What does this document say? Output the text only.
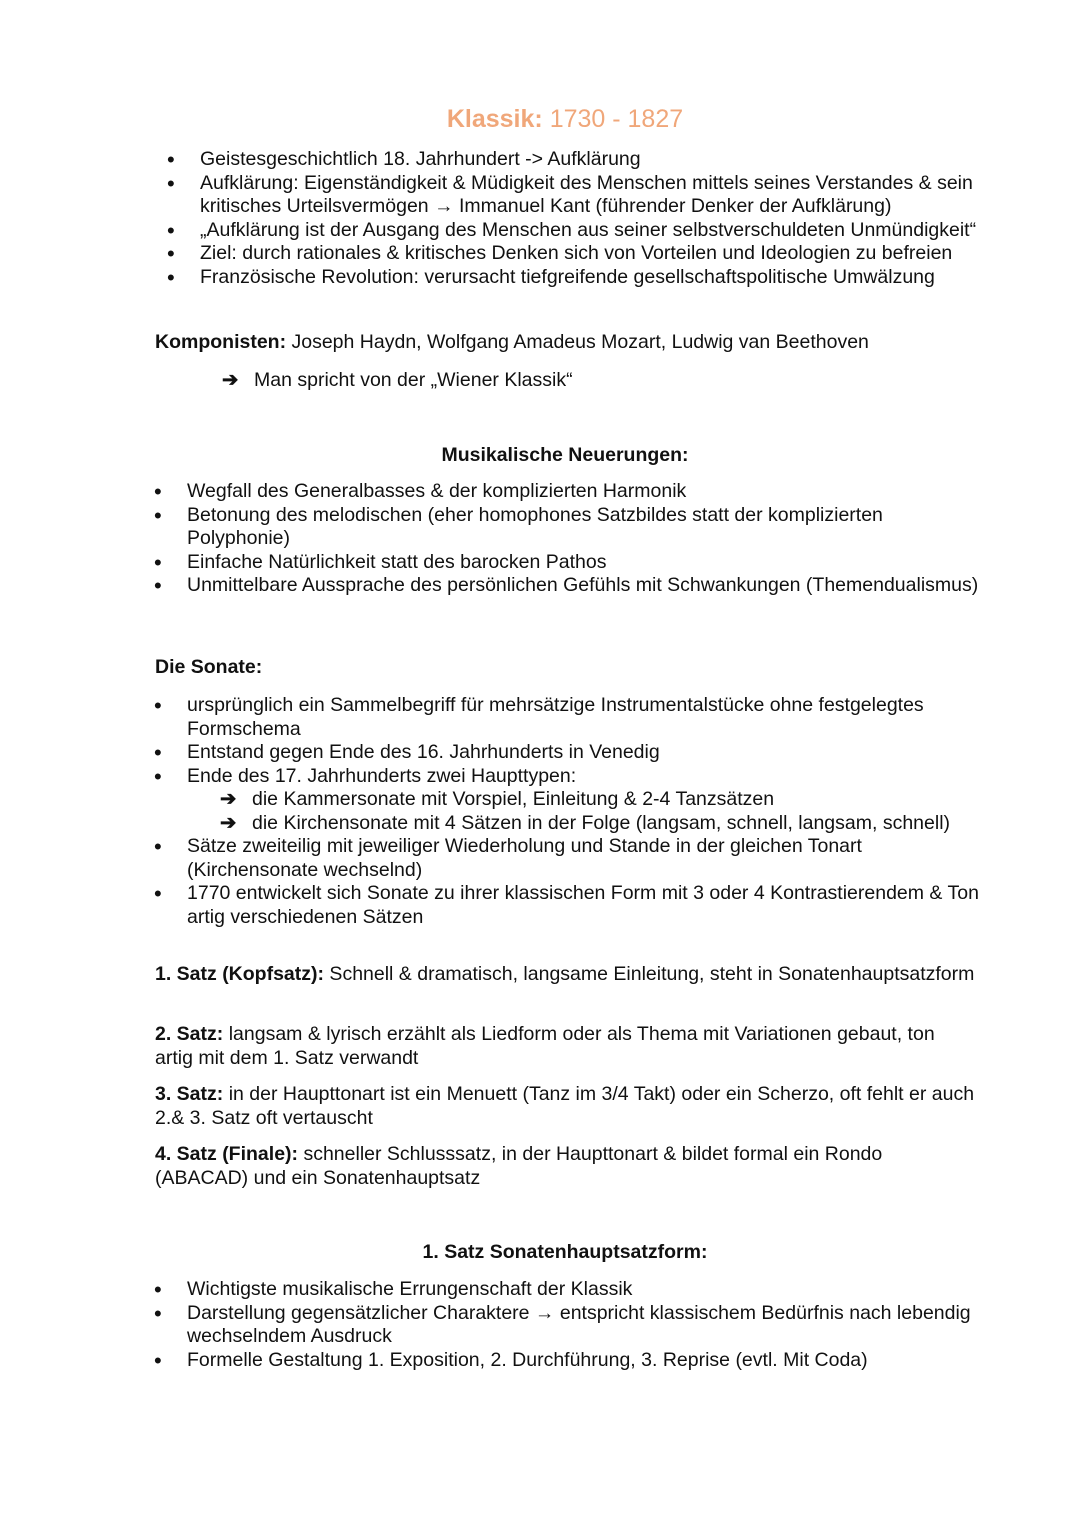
Klassik: 1730 - 1827
• Geistesgeschichtlich 18. Jahrhundert -> Aufklärung
• Aufklärung: Eigenständigkeit & Müdigkeit des Menschen mittels seines Verstandes & sein kritisches Urteilsvermögen → Immanuel Kant (führender Denker der Aufklärung)
• „Aufklärung ist der Ausgang des Menschen aus seiner selbstverschuldeten Unmündigkeit“
• Ziel: durch rationales & kritisches Denken sich von Vorteilen und Ideologien zu befreien
• Französische Revolution: verursacht tiefgreifende gesellschaftspolitische Umwälzung
Komponisten: Joseph Haydn, Wolfgang Amadeus Mozart, Ludwig van Beethoven
➔ Man spricht von der „Wiener Klassik“
Musikalische Neuerungen:
• Wegfall des Generalbasses & der komplizierten Harmonik
• Betonung des melodischen (eher homophones Satzbildes statt der komplizierten Polyphonie)
• Einfache Natürlichkeit statt des barocken Pathos
• Unmittelbare Aussprache des persönlichen Gefühls mit Schwankungen (Themendualismus)
Die Sonate:
• ursprünglich ein Sammelbegriff für mehrsätzige Instrumentalstücke ohne festgelegtes Formschema
• Entstand gegen Ende des 16. Jahrhunderts in Venedig
• Ende des 17. Jahrhunderts zwei Haupttypen:
➔ die Kammersonate mit Vorspiel, Einleitung & 2-4 Tanzsätzen
➔ die Kirchensonate mit 4 Sätzen in der Folge (langsam, schnell, langsam, schnell)
• Sätze zweiteilig mit jeweiliger Wiederholung und Stande in der gleichen Tonart (Kirchensonate wechselnd)
• 1770 entwickelt sich Sonate zu ihrer klassischen Form mit 3 oder 4 Kontrastierendem & Ton artig verschiedenen Sätzen
1. Satz (Kopfsatz): Schnell & dramatisch, langsame Einleitung, steht in Sonatenhauptsatzform
2. Satz: langsam & lyrisch erzählt als Liedform oder als Thema mit Variationen gebaut, ton artig mit dem 1. Satz verwandt
3. Satz: in der Haupttonart ist ein Menuett (Tanz im 3/4 Takt) oder ein Scherzo, oft fehlt er auch 2.& 3. Satz oft vertauscht
4. Satz (Finale): schneller Schlusssatz, in der Haupttonart & bildet formal ein Rondo (ABACAD) und ein Sonatenhauptsatz
1. Satz Sonatenhauptsatzform:
• Wichtigste musikalische Errungenschaft der Klassik
• Darstellung gegensätzlicher Charaktere → entspricht klassischem Bedürfnis nach lebendig wechselndem Ausdruck
• Formelle Gestaltung 1. Exposition, 2. Durchführung, 3. Reprise (evtl. Mit Coda)
